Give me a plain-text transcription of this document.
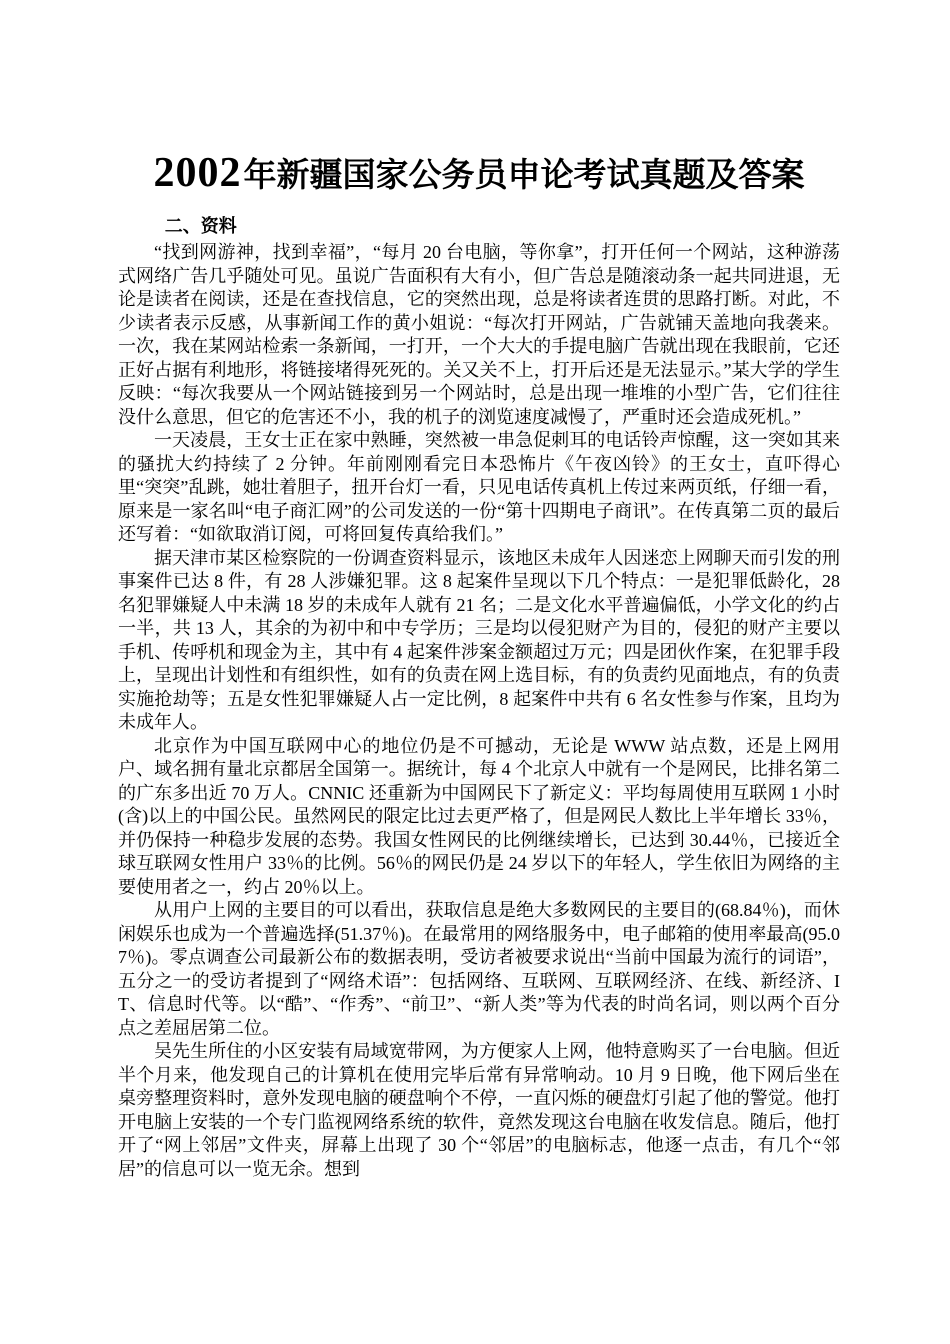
2002年新疆国家公务员申论考试真题及答案
二、资料

“找到网游神，找到幸福”，“每月 20 台电脑，等你拿”，打开任何一个网站，这种游荡式网络广告几乎随处可见。虽说广告面积有大有小，但广告总是随滚动条一起共同进退，无论是读者在阅读，还是在查找信息，它的突然出现，总是将读者连贯的思路打断。对此，不少读者表示反感，从事新闻工作的黄小姐说：“每次打开网站，广告就铺天盖地向我袭来。一次，我在某网站检索一条新闻，一打开，一个大大的手提电脑广告就出现在我眼前，它还正好占据有利地形，将链接堵得死死的。关又关不上，打开后还是无法显示。”某大学的学生反映：“每次我要从一个网站链接到另一个网站时，总是出现一堆堆的小型广告，它们往往没什么意思，但它的危害还不小，我的机子的浏览速度减慢了，严重时还会造成死机。”

一天凌晨，王女士正在家中熟睡，突然被一串急促刺耳的电话铃声惊醒，这一突如其来的骚扰大约持续了 2 分钟。年前刚刚看完日本恐怖片《午夜凶铃》的王女士，直吓得心里“突突”乱跳，她壮着胆子，扭开台灯一看，只见电话传真机上传过来两页纸，仔细一看，原来是一家名叫“电子商汇网”的公司发送的一份“第十四期电子商讯”。在传真第二页的最后还写着：“如欲取消订阅，可将回复传真给我们。”

据天津市某区检察院的一份调查资料显示，该地区未成年人因迷恋上网聊天而引发的刑事案件已达 8 件，有 28 人涉嫌犯罪。这 8 起案件呈现以下几个特点：一是犯罪低龄化，28 名犯罪嫌疑人中未满 18 岁的未成年人就有 21 名；二是文化水平普遍偏低，小学文化的约占一半，共 13 人，其余的为初中和中专学历；三是均以侵犯财产为目的，侵犯的财产主要以手机、传呼机和现金为主，其中有 4 起案件涉案金额超过万元；四是团伙作案，在犯罪手段上，呈现出计划性和有组织性，如有的负责在网上选目标，有的负责约见面地点，有的负责实施抢劫等；五是女性犯罪嫌疑人占一定比例，8 起案件中共有 6 名女性参与作案，且均为未成年人。

北京作为中国互联网中心的地位仍是不可撼动，无论是 WWW 站点数，还是上网用户、域名拥有量北京都居全国第一。据统计，每 4 个北京人中就有一个是网民，比排名第二的广东多出近 70 万人。CNNIC 还重新为中国网民下了新定义：平均每周使用互联网 1 小时(含)以上的中国公民。虽然网民的限定比过去更严格了，但是网民人数比上半年增长 33％，并仍保持一种稳步发展的态势。我国女性网民的比例继续增长，已达到 30.44％，已接近全球互联网女性用户 33％的比例。56％的网民仍是 24 岁以下的年轻人，学生依旧为网络的主要使用者之一，约占 20％以上。

从用户上网的主要目的可以看出，获取信息是绝大多数网民的主要目的(68.84％)，而休闲娱乐也成为一个普遍选择(51.37％)。在最常用的网络服务中，电子邮箱的使用率最高(95.07％)。零点调查公司最新公布的数据表明，受访者被要求说出“当前中国最为流行的词语”，五分之一的受访者提到了“网络术语”：包括网络、互联网、互联网经济、在线、新经济、IT、信息时代等。以“酷”、“作秀”、“前卫”、“新人类”等为代表的时尚名词，则以两个百分点之差屈居第二位。

吴先生所住的小区安装有局域宽带网，为方便家人上网，他特意购买了一台电脑。但近半个月来，他发现自己的计算机在使用完毕后常有异常响动。10 月 9 日晚，他下网后坐在桌旁整理资料时，意外发现电脑的硬盘响个不停，一直闪烁的硬盘灯引起了他的警觉。他打开电脑上安装的一个专门监视网络系统的软件，竟然发现这台电脑在收发信息。随后，他打开了“网上邻居”文件夹，屏幕上出现了 30 个“邻居”的电脑标志，他逐一点击，有几个“邻居”的信息可以一览无余。想到
